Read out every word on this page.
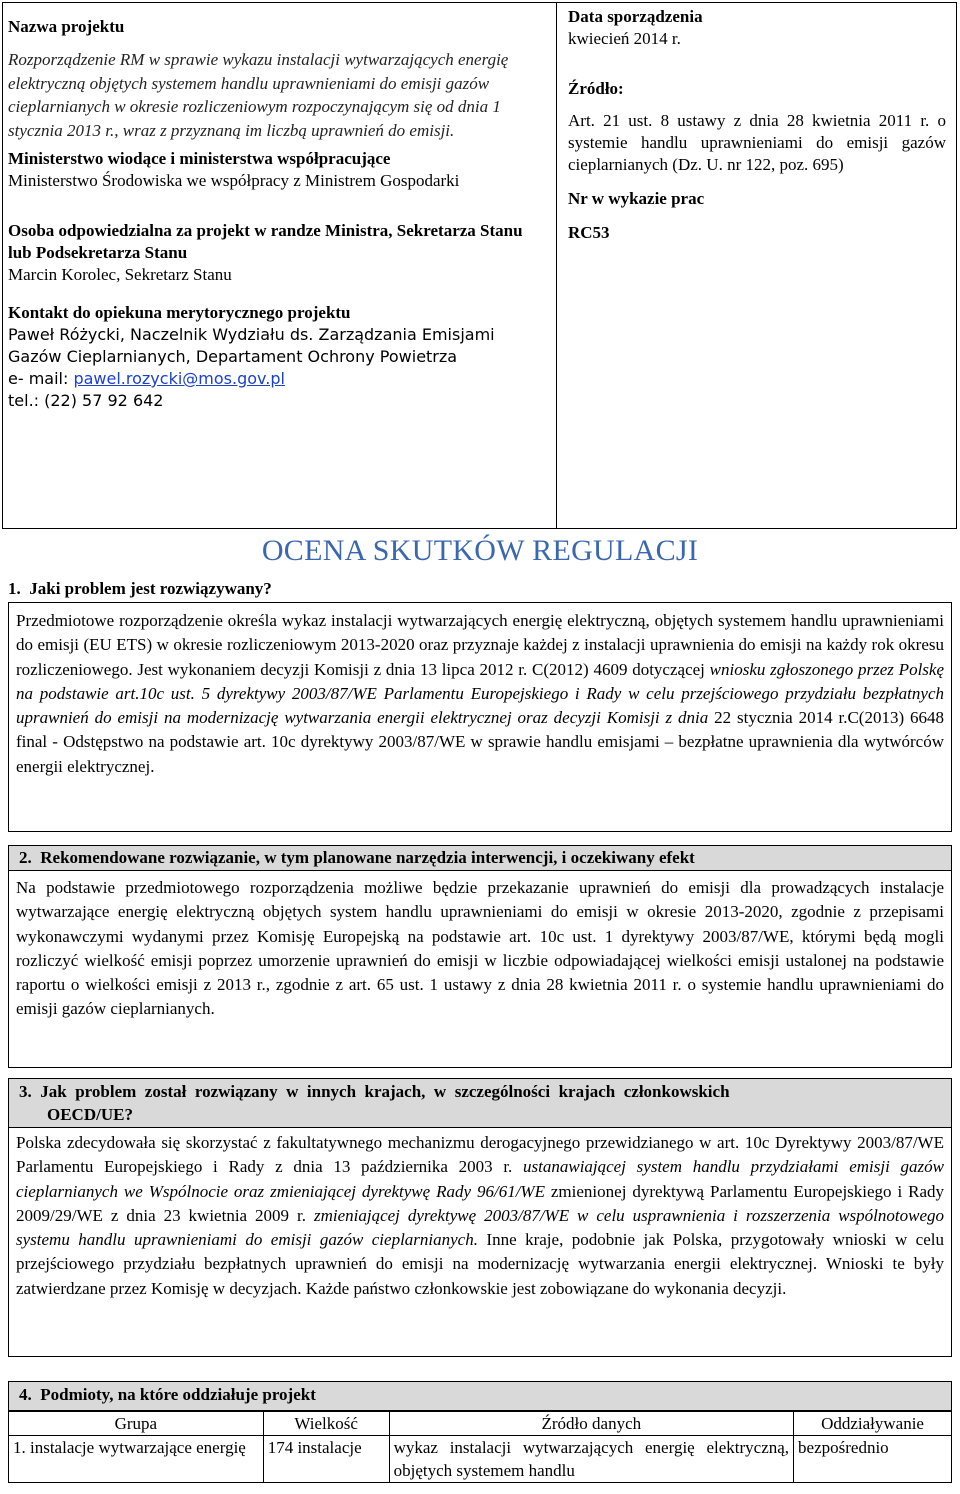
Nazwa projektu
Rozporządzenie RM w sprawie wykazu instalacji wytwarzających energię elektryczną objętych systemem handlu uprawnieniami do emisji gazów cieplarnianych w okresie rozliczeniowym rozpoczynającym się od dnia 1 stycznia 2013 r., wraz z przyznaną im liczbą uprawnień do emisji.
Ministerstwo wiodące i ministerstwa współpracujące
Ministerstwo Środowiska we współpracy z Ministrem Gospodarki
Osoba odpowiedzialna za projekt w randze Ministra, Sekretarza Stanu lub Podsekretarza Stanu
Marcin Korolec, Sekretarz Stanu
Kontakt do opiekuna merytorycznego projektu
Paweł Różycki, Naczelnik Wydziału ds. Zarządzania Emisjami Gazów Cieplarnianych, Departament Ochrony Powietrza
e- mail: pawel.rozycki@mos.gov.pl
tel.: (22) 57 92 642
Data sporządzenia
kwiecień 2014 r.
Źródło:
Art. 21 ust. 8 ustawy z dnia 28 kwietnia 2011 r. o systemie handlu uprawnieniami do emisji gazów cieplarnianych (Dz. U. nr 122, poz. 695)
Nr w wykazie prac
RC53
OCENA SKUTKÓW REGULACJI
1.  Jaki problem jest rozwiązywany?
Przedmiotowe rozporządzenie określa wykaz instalacji wytwarzających energię elektryczną, objętych systemem handlu uprawnieniami do emisji (EU ETS) w okresie rozliczeniowym 2013-2020 oraz przyznaje każdej z instalacji uprawnienia do emisji na każdy rok okresu rozliczeniowego. Jest wykonaniem decyzji Komisji z dnia 13 lipca 2012 r. C(2012) 4609 dotyczącej wniosku zgłoszonego przez Polskę na podstawie art.10c ust. 5 dyrektywy 2003/87/WE Parlamentu Europejskiego i Rady w celu przejściowego przydziału bezpłatnych uprawnień do emisji na modernizację wytwarzania energii elektrycznej oraz decyzji Komisji z dnia 22 stycznia 2014 r.C(2013) 6648 final - Odstępstwo na podstawie art. 10c dyrektywy 2003/87/WE w sprawie handlu emisjami – bezpłatne uprawnienia dla wytwórców energii elektrycznej.
2.  Rekomendowane rozwiązanie, w tym planowane narzędzia interwencji, i oczekiwany efekt
Na podstawie przedmiotowego rozporządzenia możliwe będzie przekazanie uprawnień do emisji dla prowadzących instalacje wytwarzające energię elektryczną objętych system handlu uprawnieniami do emisji w okresie 2013-2020, zgodnie z przepisami wykonawczymi wydanymi przez Komisję Europejską na podstawie art. 10c ust. 1 dyrektywy 2003/87/WE, którymi będą mogli rozliczyć wielkość emisji poprzez umorzenie uprawnień do emisji w liczbie odpowiadającej wielkości emisji ustalonej na podstawie raportu o wielkości emisji z 2013 r., zgodnie z art. 65 ust. 1 ustawy z dnia 28 kwietnia 2011 r. o systemie handlu uprawnieniami do emisji gazów cieplarnianych.
3.  Jak  problem  został  rozwiązany  w  innych  krajach,  w  szczególności  krajach  członkowskich
OECD/UE?
Polska zdecydowała się skorzystać z fakultatywnego mechanizmu derogacyjnego przewidzianego w art. 10c Dyrektywy 2003/87/WE Parlamentu Europejskiego i Rady z dnia 13 października 2003 r. ustanawiającej system handlu przydziałami emisji gazów cieplarnianych we Wspólnocie oraz zmieniającej dyrektywę Rady 96/61/WE zmienionej dyrektywą Parlamentu Europejskiego i Rady 2009/29/WE z dnia 23 kwietnia 2009 r. zmieniającej dyrektywę 2003/87/WE w celu usprawnienia i rozszerzenia wspólnotowego systemu handlu uprawnieniami do emisji gazów cieplarnianych. Inne kraje, podobnie jak Polska, przygotowały wnioski w celu przejściowego przydziału bezpłatnych uprawnień do emisji na modernizację wytwarzania energii elektrycznej. Wnioski te były zatwierdzane przez Komisję w decyzjach. Każde państwo członkowskie jest zobowiązane do wykonania decyzji.
4.  Podmioty, na które oddziałuje projekt
Grupa	Wielkość	Źródło danych	Oddziaływanie
1. instalacje wytwarzające energię	174 instalacje	wykaz instalacji wytwarzających energię elektryczną, objętych systemem handlu	bezpośrednio
